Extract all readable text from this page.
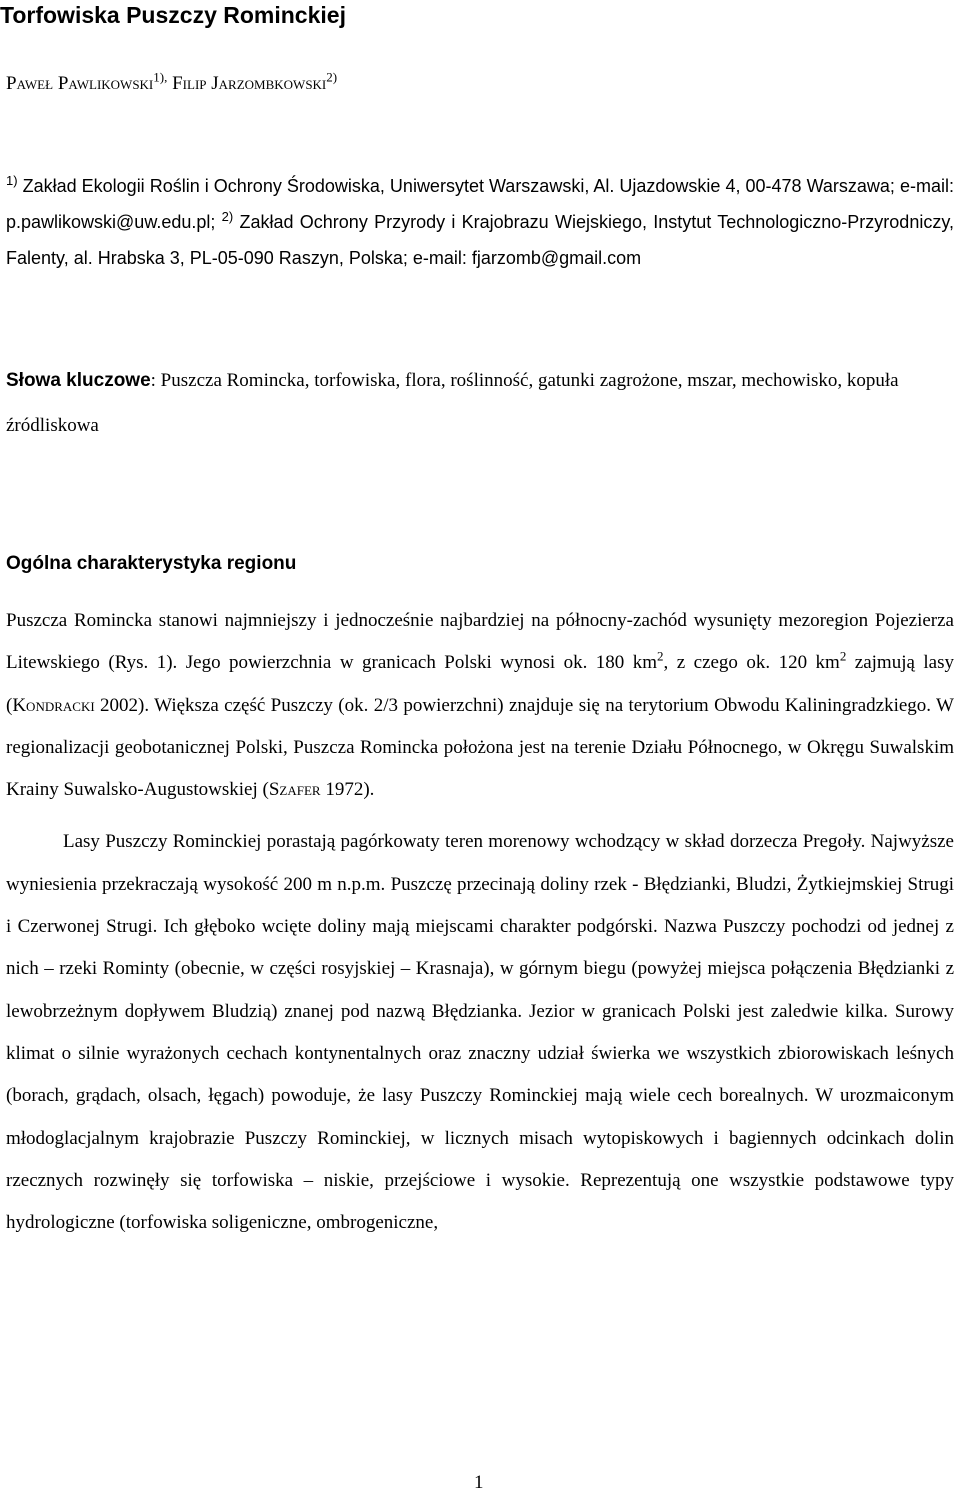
Torfowiska Puszczy Rominckiej
Paweł Pawlikowski$^{1),}$ Filip Jarzombkowski$^{2)}$

$^{1)}$ Zakład Ekologii Roślin i Ochrony Środowiska, Uniwersytet Warszawski, Al. Ujazdowskie 4, 00-478 Warszawa; e-mail: p.pawlikowski@uw.edu.pl; $^{2)}$ Zakład Ochrony Przyrody i Krajobrazu Wiejskiego, Instytut Technologiczno-Przyrodniczy, Falenty, al. Hrabska 3, PL-05-090 Raszyn, Polska; e-mail: fjarzomb@gmail.com

Słowa kluczowe: Puszcza Romincka, torfowiska, flora, roślinność, gatunki zagrożone, mszar, mechowisko, kopuła źródliskowa
Ogólna charakterystyka regionu

Puszcza Romincka stanowi najmniejszy i jednocześnie najbardziej na północny-zachód wysunięty mezoregion Pojezierza Litewskiego (Rys. 1). Jego powierzchnia w granicach Polski wynosi ok. 180 $km^2$, z czego ok. 120 $km^2$ zajmują lasy (Kondracki 2002). Większa część Puszczy (ok. 2/3 powierzchni) znajduje się na terytorium Obwodu Kaliningradzkiego. W regionalizacji geobotanicznej Polski, Puszcza Romincka położona jest na terenie Działu Północnego, w Okręgu Suwalskim Krainy Suwalsko-Augustowskiej (Szafer 1972).

Lasy Puszczy Rominckiej porastają pagórkowaty teren morenowy wchodzący w skład dorzecza Pregoły. Najwyższe wyniesienia przekraczają wysokość 200 m n.p.m. Puszczę przecinają doliny rzek - Błędzianki, Bludzi, Żytkiejmskiej Strugi i Czerwonej Strugi. Ich głęboko wcięte doliny mają miejscami charakter podgórski. Nazwa Puszczy pochodzi od jednej z nich – rzeki Rominty (obecnie, w części rosyjskiej – Krasnaja), w górnym biegu (powyżej miejsca połączenia Błędzianki z lewobrzeżnym dopływem Bludzią) znanej pod nazwą Błędzianka. Jezior w granicach Polski jest zaledwie kilka. Surowy klimat o silnie wyrażonych cechach kontynentalnych oraz znaczny udział świerka we wszystkich zbiorowiskach leśnych (borach, grądach, olsach, łęgach) powoduje, że lasy Puszczy Rominckiej mają wiele cech borealnych. W urozmaiconym młodoglacjalnym krajobrazie Puszczy Rominckiej, w licznych misach wytopiskowych i bagiennych odcinkach dolin rzecznych rozwinęły się torfowiska – niskie, przejściowe i wysokie. Reprezentują one wszystkie podstawowe typy hydrologiczne (torfowiska soligeniczne, ombrogeniczne,

1
